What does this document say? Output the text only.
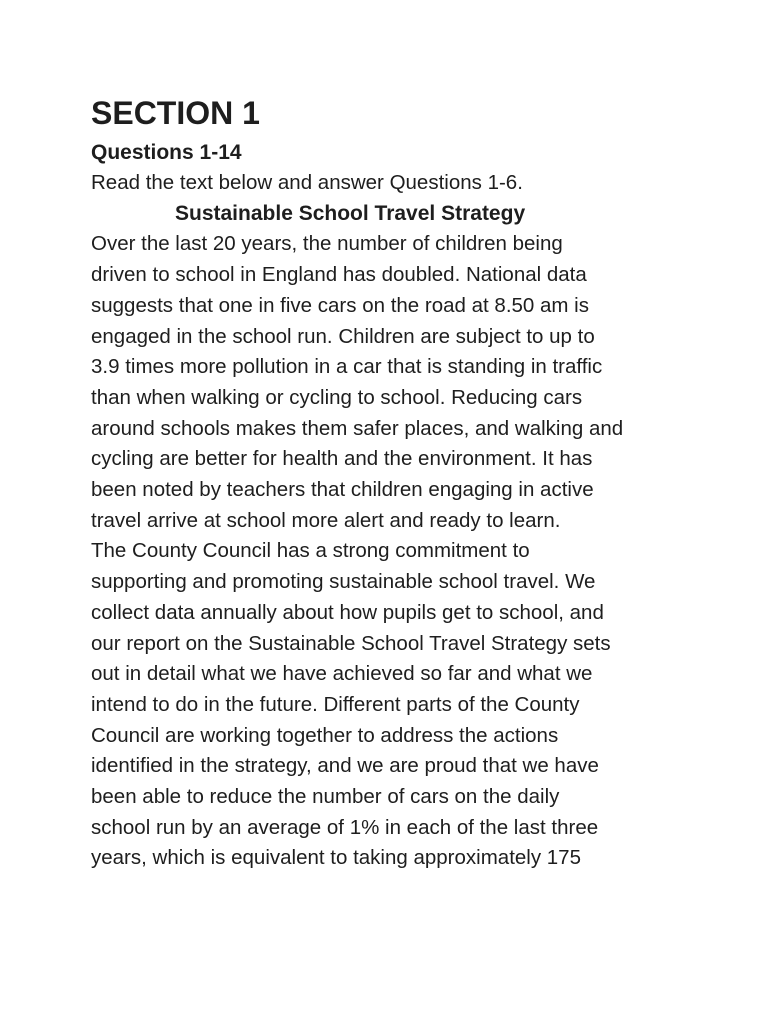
SECTION 1
Questions 1-14

Read the text below and answer Questions 1-6.

Sustainable School Travel Strategy
Over the last 20 years, the number of children being
driven to school in England has doubled. National data
suggests that one in five cars on the road at 8.50 am is
engaged in the school run. Children are subject to up to
3.9 times more pollution in a car that is standing in traffic
than when walking or cycling to school. Reducing cars
around schools makes them safer places, and walking and
cycling are better for health and the environment. It has
been noted by teachers that children engaging in active
travel arrive at school more alert and ready to learn.
The County Council has a strong commitment to
supporting and promoting sustainable school travel. We
collect data annually about how pupils get to school, and
our report on the Sustainable School Travel Strategy sets
out in detail what we have achieved so far and what we
intend to do in the future. Different parts of the County
Council are working together to address the actions
identified in the strategy, and we are proud that we have
been able to reduce the number of cars on the daily
school run by an average of 1% in each of the last three
years, which is equivalent to taking approximately 175
